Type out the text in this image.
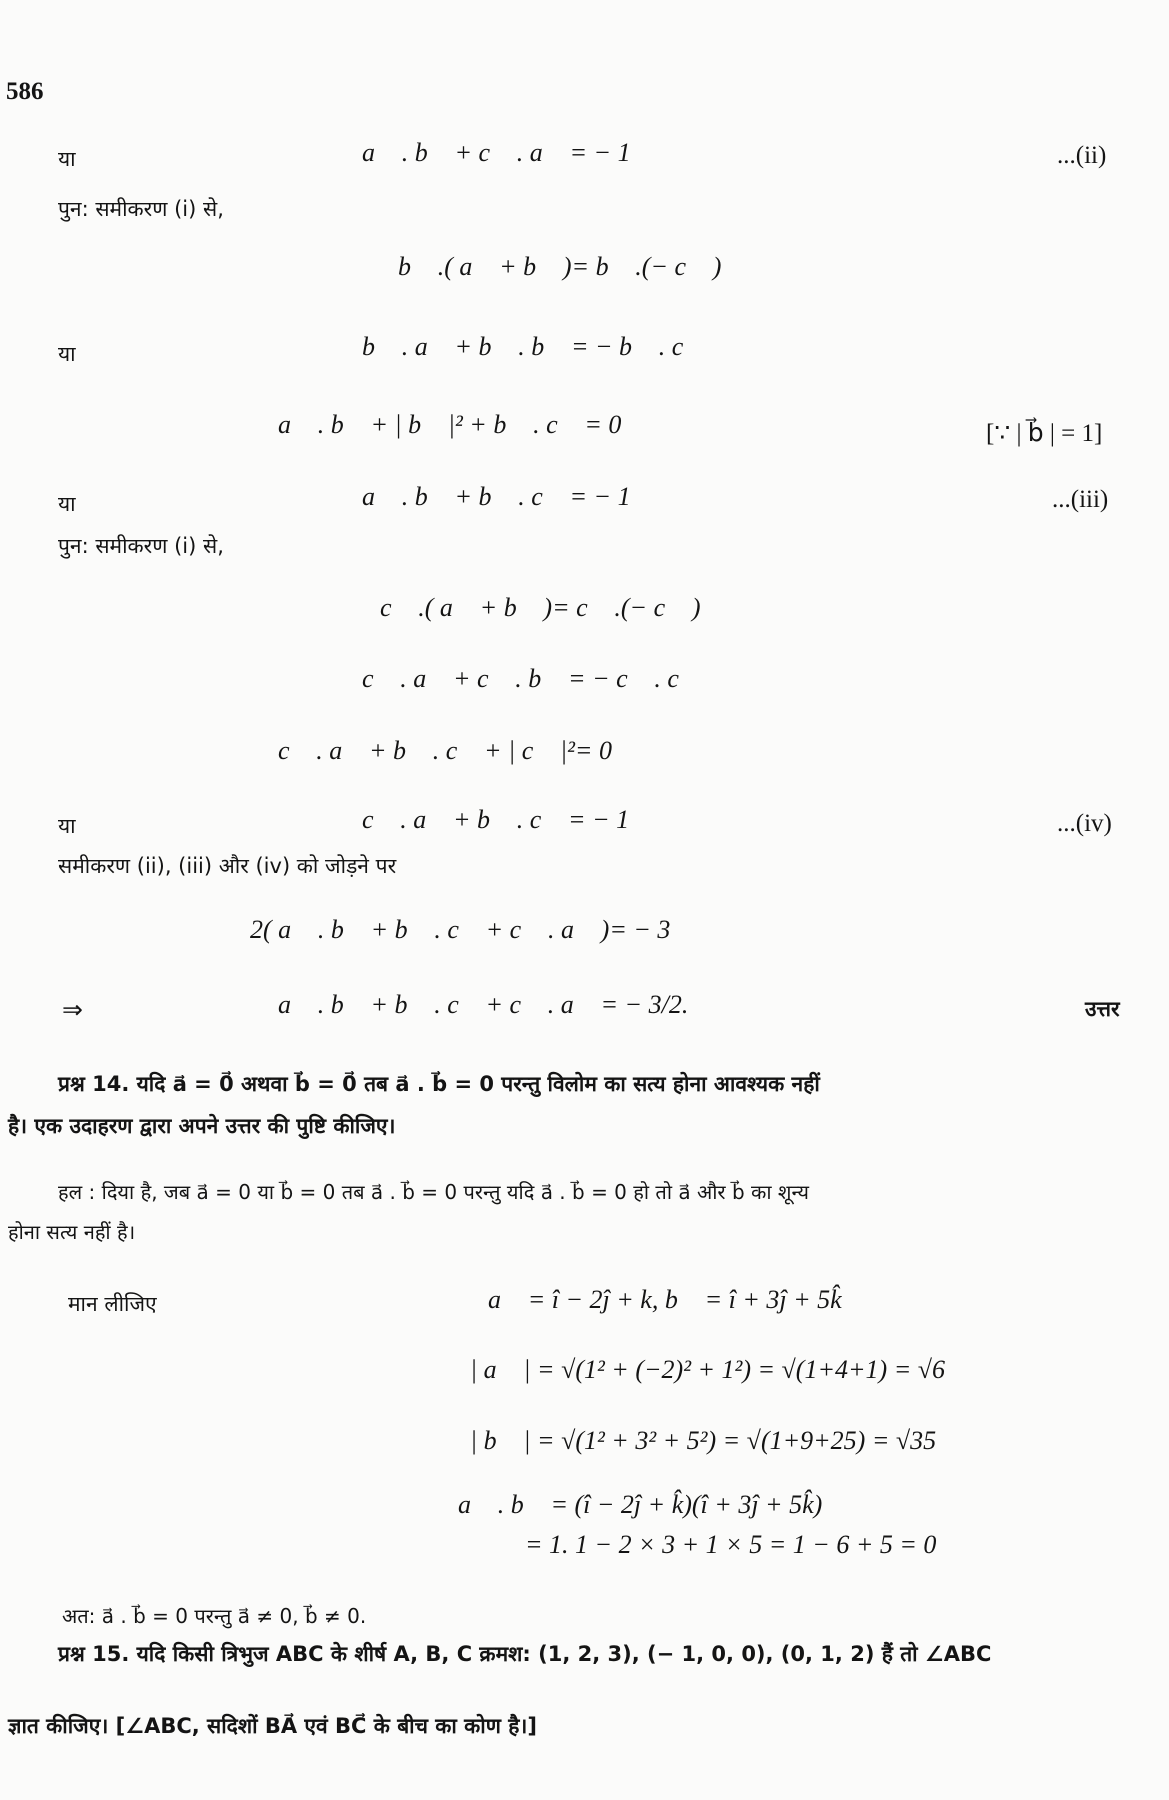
586
या	a⃗ . b⃗ + c⃗ . a⃗ = − 1	...(ii)
पुन: समीकरण (i) से,
b⃗ .( a⃗ + b⃗ )= b⃗ .(− c⃗ )
या	b⃗ . a⃗ + b⃗ . b⃗ = − b⃗ . c⃗
a⃗ . b⃗ + | b⃗ |² + b⃗ . c⃗ = 0	[∵ | b⃗ | = 1]
या	a⃗ . b⃗ + b⃗ . c⃗ = − 1	...(iii)
पुन: समीकरण (i) से,
c⃗ .( a⃗ + b⃗ )= c⃗ .(− c⃗ )
c⃗ . a⃗ + c⃗ . b⃗ = − c⃗ . c⃗
c⃗ . a⃗ + b⃗ . c⃗ + | c⃗ |²= 0
या	c⃗ . a⃗ + b⃗ . c⃗ = − 1	...(iv)
समीकरण (ii), (iii) और (iv) को जोड़ने पर
2( a⃗ . b⃗ + b⃗ . c⃗ + c⃗ . a⃗ )= − 3
⇒	a⃗ . b⃗ + b⃗ . c⃗ + c⃗ . a⃗ = − 3/2.	उत्तर
प्रश्न 14. यदि a⃗ = 0⃗ अथवा b⃗ = 0⃗ तब a⃗ . b⃗ = 0 परन्तु विलोम का सत्य होना आवश्यक नहीं
है। एक उदाहरण द्वारा अपने उत्तर की पुष्टि कीजिए।
हल : दिया है, जब a⃗ = 0 या b⃗ = 0 तब a⃗ . b⃗ = 0 परन्तु यदि a⃗ . b⃗ = 0 हो तो a⃗ और b⃗ का शून्य
होना सत्य नहीं है।
मान लीजिए	a⃗ = î − 2ĵ + k, b⃗ = î + 3ĵ + 5k̂
| a⃗ | = √(1² + (−2)² + 1²) = √(1+4+1) = √6
| b⃗ | = √(1² + 3² + 5²) = √(1+9+25) = √35
a⃗ . b⃗ = (î − 2ĵ + k̂)(î + 3ĵ + 5k̂)
= 1. 1 − 2 × 3 + 1 × 5 = 1 − 6 + 5 = 0
अत: a⃗ . b⃗ = 0 परन्तु a⃗ ≠ 0, b⃗ ≠ 0.
प्रश्न 15. यदि किसी त्रिभुज ABC के शीर्ष A, B, C क्रमश: (1, 2, 3), (− 1, 0, 0), (0, 1, 2) हैं तो ∠ABC
ज्ञात कीजिए। [∠ABC, सदिशों BA⃗ एवं BC⃗ के बीच का कोण है।]
